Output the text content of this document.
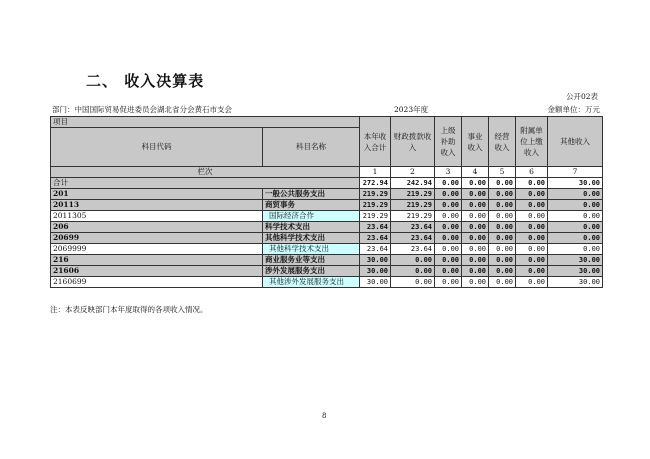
二、 收入决算表
公开02表
部门：中国国际贸易促进委员会湖北省分会黄石市支会	2023年度	金额单位：万元
项目		本年收入合计	财政拨款收入	上级补助收入	事业收入	经营收入	附属单位上缴收入	其他收入
科目代码	科目名称							
栏次		1	2	3	4	5	6	7
合计		272.94	242.94	0.00	0.00	0.00	0.00	30.00
201	一般公共服务支出	219.29	219.29	0.00	0.00	0.00	0.00	0.00
20113	商贸事务	219.29	219.29	0.00	0.00	0.00	0.00	0.00
2011305	国际经济合作	219.29	219.29	0.00	0.00	0.00	0.00	0.00
206	科学技术支出	23.64	23.64	0.00	0.00	0.00	0.00	0.00
20699	其他科学技术支出	23.64	23.64	0.00	0.00	0.00	0.00	0.00
2069999	其他科学技术支出	23.64	23.64	0.00	0.00	0.00	0.00	0.00
216	商业服务业等支出	30.00	0.00	0.00	0.00	0.00	0.00	30.00
21606	涉外发展服务支出	30.00	0.00	0.00	0.00	0.00	0.00	30.00
2160699	其他涉外发展服务支出	30.00	0.00	0.00	0.00	0.00	0.00	30.00
注：本表反映部门本年度取得的各项收入情况。
8
